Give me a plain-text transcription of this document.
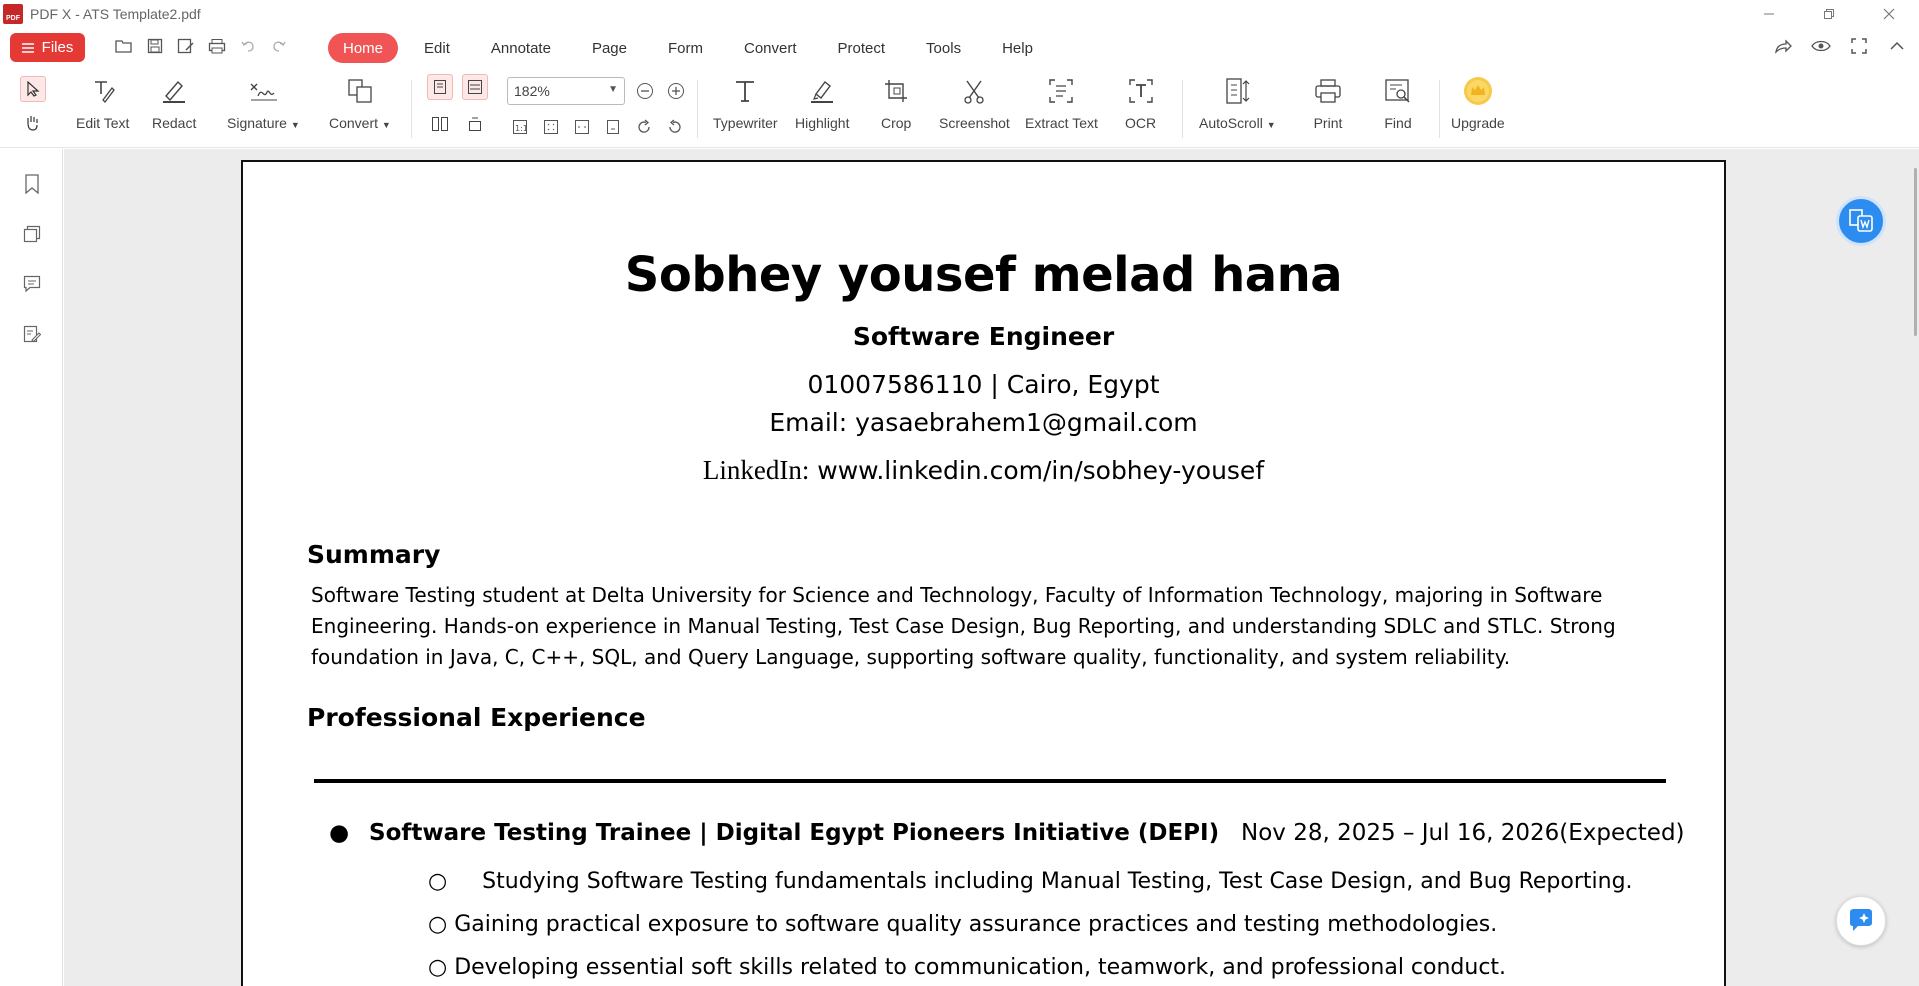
PDF PDF X - ATS Template2.pdf
Files	Home	Edit	Annotate	Page	Form	Convert	Protect	Tools	Help
Edit Text Redact Signature ▼ Convert ▼
182%	▼
1:1	Typewriter Highlight Crop Screenshot Extract Text OCR	AutoScroll ▼	Print	Find	Upgrade
Sobhey yousef melad hana
Software Engineer
01007586110 | Cairo, Egypt
Email: yasaebrahem1@gmail.com
LinkedIn: www.linkedin.com/in/sobhey-yousef
Summary
Software Testing student at Delta University for Science and Technology, Faculty of Information Technology, majoring in Software Engineering. Hands-on experience in Manual Testing, Test Case Design, Bug Reporting, and understanding SDLC and STLC. Strong foundation in Java, C, C++, SQL, and Query Language, supporting software quality, functionality, and system reliability.
Professional Experience
● Software Testing Trainee | Digital Egypt Pioneers Initiative (DEPI) Nov 28, 2025 – Jul 16, 2026(Expected)
○     Studying Software Testing fundamentals including Manual Testing, Test Case Design, and Bug Reporting.
○ Gaining practical exposure to software quality assurance practices and testing methodologies.
○ Developing essential soft skills related to communication, teamwork, and professional conduct.
